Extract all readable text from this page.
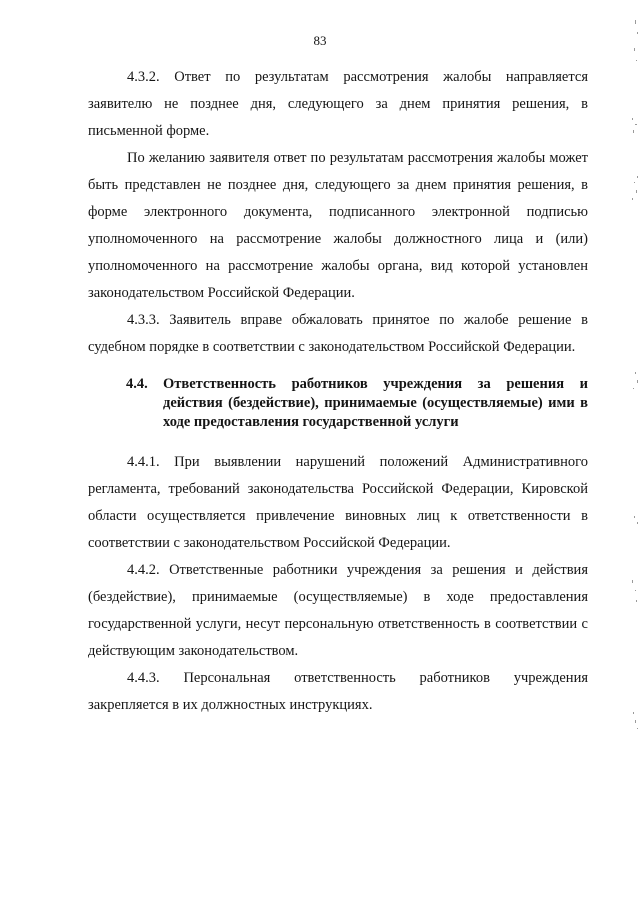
83

4.3.2. Ответ по результатам рассмотрения жалобы направляется заявителю не позднее дня, следующего за днем принятия решения, в письменной форме.

По желанию заявителя ответ по результатам рассмотрения жалобы может быть представлен не позднее дня, следующего за днем принятия решения, в форме электронного документа, подписанного электронной подписью уполномоченного на рассмотрение жалобы должностного лица и (или) уполномоченного на рассмотрение жалобы органа, вид которой установлен законодательством Российской Федерации.

4.3.3. Заявитель вправе обжаловать принятое по жалобе решение в судебном порядке в соответствии с законодательством Российской Федерации.

4.4.	Ответственность работников учреждения за решения и действия (бездействие), принимаемые (осуществляемые) ими в ходе предоставления государственной услуги

4.4.1. При выявлении нарушений положений Административного регламента, требований законодательства Российской Федерации, Кировской области осуществляется привлечение виновных лиц к ответственности в соответствии с законодательством Российской Федерации.

4.4.2. Ответственные работники учреждения за решения и действия (бездействие), принимаемые (осуществляемые) в ходе предоставления государственной услуги, несут персональную ответственность в соответствии с действующим законодательством.

4.4.3. Персональная ответственность работников учреждения закрепляется в их должностных инструкциях.
